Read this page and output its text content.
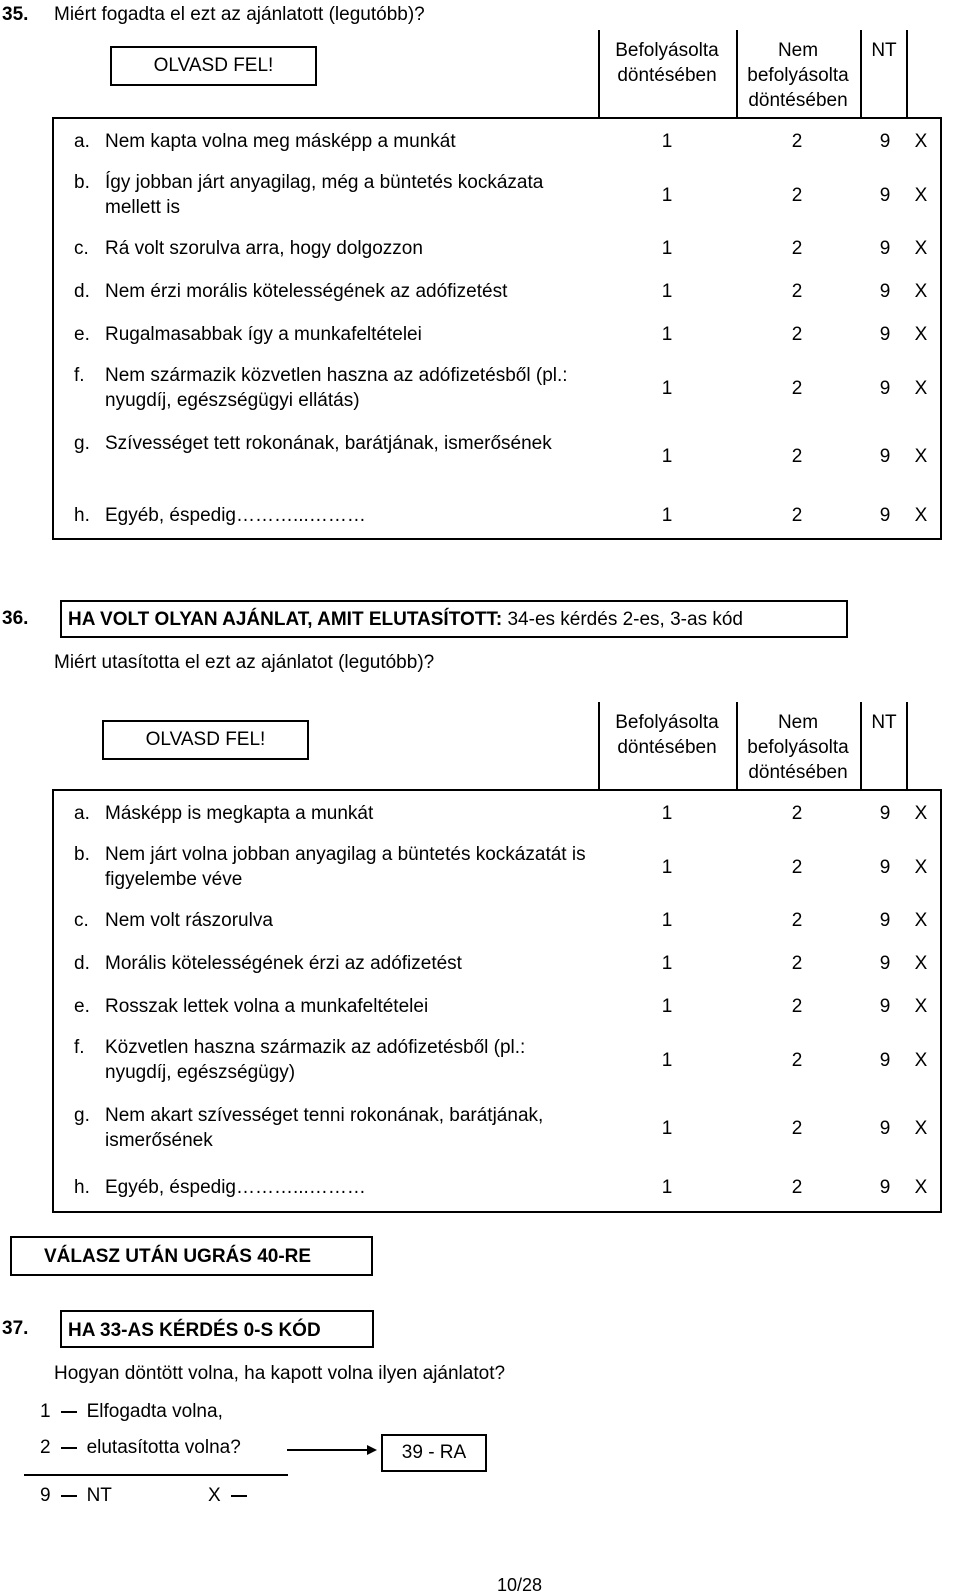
35. Miért fogadta el ezt az ajánlatott (legutóbb)?
OLVASD FEL!
Befolyásolta döntésében
Nem befolyásolta döntésében
NT
a. Nem kapta volna meg másképp a munkát	1	2	9	X
b. Így jobban járt anyagilag, még a büntetés kockázata mellett is
1	2	9	X
c. Rá volt szorulva arra, hogy dolgozzon	1	2	9	X
d. Nem érzi morális kötelességének az adófizetést	1	2	9	X
e. Rugalmasabbak így a munkafeltételei	1	2	9	X
f. Nem származik közvetlen haszna az adófizetésből (pl.: nyugdíj, egészségügyi ellátás)
1	2	9	X
g. Szívességet tett rokonának, barátjának, ismerősének
1	2	9	X
h. Egyéb, éspedig………...………	1	2	9	X
36. HA VOLT OLYAN AJÁNLAT, AMIT ELUTASÍTOTT: 34-es kérdés 2-es, 3-as kód
Miért utasította el ezt az ajánlatot (legutóbb)?
OLVASD FEL!
Befolyásolta döntésében
Nem befolyásolta döntésében
NT
a. Másképp is megkapta a munkát	1	2	9	X
b. Nem járt volna jobban anyagilag a büntetés kockázatát is figyelembe véve
1	2	9	X
c. Nem volt rászorulva	1	2	9	X
d. Morális kötelességének érzi az adófizetést	1	2	9	X
e. Rosszak lettek volna a munkafeltételei	1	2	9	X
f. Közvetlen haszna származik az adófizetésből (pl.: nyugdíj, egészségügy)
1	2	9	X
g. Nem akart szívességet tenni rokonának, barátjának, ismerősének
1	2	9	X
h. Egyéb, éspedig………...………	1	2	9	X
VÁLASZ UTÁN UGRÁS 40-RE
37. HA 33-AS KÉRDÉS 0-S KÓD
Hogyan döntött volna, ha kapott volna ilyen ajánlatot?
1 Elfogadta volna,
2 elutasította volna?	39 - RA
9 NT	X
10/28
